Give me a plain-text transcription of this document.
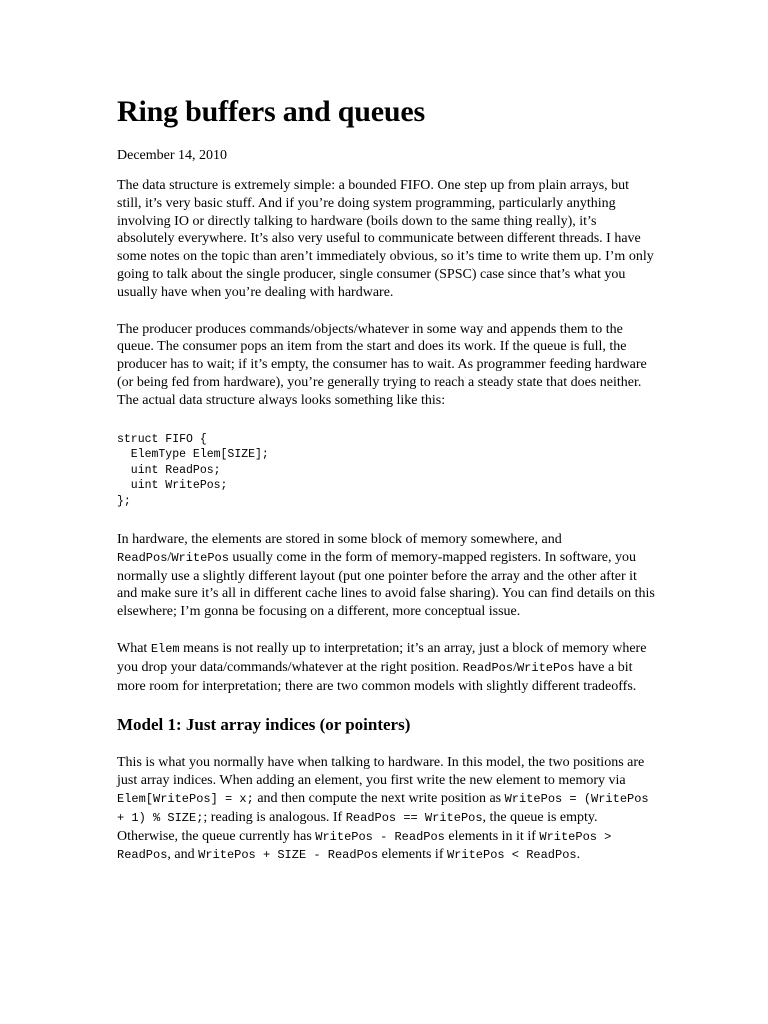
Ring buffers and queues
December 14, 2010

The data structure is extremely simple: a bounded FIFO. One step up from plain arrays, but still, it’s very basic stuff. And if you’re doing system programming, particularly anything involving IO or directly talking to hardware (boils down to the same thing really), it’s absolutely everywhere. It’s also very useful to communicate between different threads. I have some notes on the topic than aren’t immediately obvious, so it’s time to write them up. I’m only going to talk about the single producer, single consumer (SPSC) case since that’s what you usually have when you’re dealing with hardware.

The producer produces commands/objects/whatever in some way and appends them to the queue. The consumer pops an item from the start and does its work. If the queue is full, the producer has to wait; if it’s empty, the consumer has to wait. As programmer feeding hardware (or being fed from hardware), you’re generally trying to reach a steady state that does neither. The actual data structure always looks something like this:

struct FIFO {
ElemType Elem[SIZE];
uint ReadPos;
uint WritePos;
};

In hardware, the elements are stored in some block of memory somewhere, and ReadPos/WritePos usually come in the form of memory-mapped registers. In software, you normally use a slightly different layout (put one pointer before the array and the other after it and make sure it’s all in different cache lines to avoid false sharing). You can find details on this elsewhere; I’m gonna be focusing on a different, more conceptual issue.

What Elem means is not really up to interpretation; it’s an array, just a block of memory where you drop your data/commands/whatever at the right position. ReadPos/WritePos have a bit more room for interpretation; there are two common models with slightly different tradeoffs.

Model 1: Just array indices (or pointers)

This is what you normally have when talking to hardware. In this model, the two positions are just array indices. When adding an element, you first write the new element to memory via Elem[WritePos] = x; and then compute the next write position as WritePos = (WritePos + 1) % SIZE;; reading is analogous. If ReadPos == WritePos, the queue is empty. Otherwise, the queue currently has WritePos - ReadPos elements in it if WritePos > ReadPos, and WritePos + SIZE - ReadPos elements if WritePos < ReadPos.
